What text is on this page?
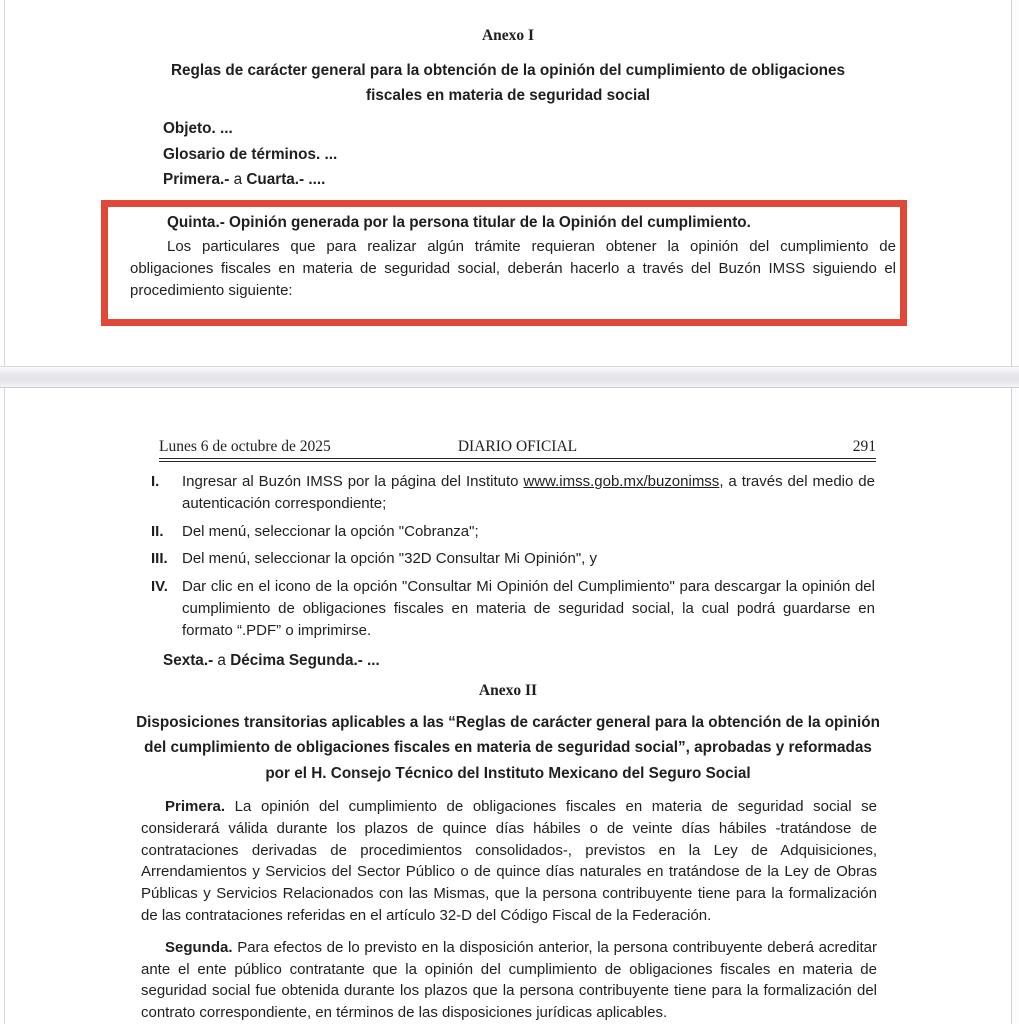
Anexo I
Reglas de carácter general para la obtención de la opinión del cumplimiento de obligaciones
fiscales en materia de seguridad social

Objeto. ...

Glosario de términos. ...

Primera.- a Cuarta.- ....

Quinta.- Opinión generada por la persona titular de la Opinión del cumplimiento.

Los particulares que para realizar algún trámite requieran obtener la opinión del cumplimiento de obligaciones fiscales en materia de seguridad social, deberán hacerlo a través del Buzón IMSS siguiendo el procedimiento siguiente:

Lunes 6 de octubre de 2025	DIARIO OFICIAL	291
I.	Ingresar al Buzón IMSS por la página del Instituto www.imss.gob.mx/buzonimss, a través del medio de autenticación correspondiente;
II.	Del menú, seleccionar la opción "Cobranza";
III. Del menú, seleccionar la opción "32D Consultar Mi Opinión", y
IV. Dar clic en el icono de la opción "Consultar Mi Opinión del Cumplimiento" para descargar la opinión del cumplimiento de obligaciones fiscales en materia de seguridad social, la cual podrá guardarse en formato “.PDF” o imprimirse.

Sexta.- a Décima Segunda.- ...

Anexo II
Disposiciones transitorias aplicables a las “Reglas de carácter general para la obtención de la opinión
del cumplimiento de obligaciones fiscales en materia de seguridad social”, aprobadas y reformadas
por el H. Consejo Técnico del Instituto Mexicano del Seguro Social

Primera. La opinión del cumplimiento de obligaciones fiscales en materia de seguridad social se considerará válida durante los plazos de quince días hábiles o de veinte días hábiles -tratándose de contrataciones derivadas de procedimientos consolidados-, previstos en la Ley de Adquisiciones, Arrendamientos y Servicios del Sector Público o de quince días naturales en tratándose de la Ley de Obras Públicas y Servicios Relacionados con las Mismas, que la persona contribuyente tiene para la formalización de las contrataciones referidas en el artículo 32-D del Código Fiscal de la Federación.

Segunda. Para efectos de lo previsto en la disposición anterior, la persona contribuyente deberá acreditar ante el ente público contratante que la opinión del cumplimiento de obligaciones fiscales en materia de seguridad social fue obtenida durante los plazos que la persona contribuyente tiene para la formalización del contrato correspondiente, en términos de las disposiciones jurídicas aplicables.
